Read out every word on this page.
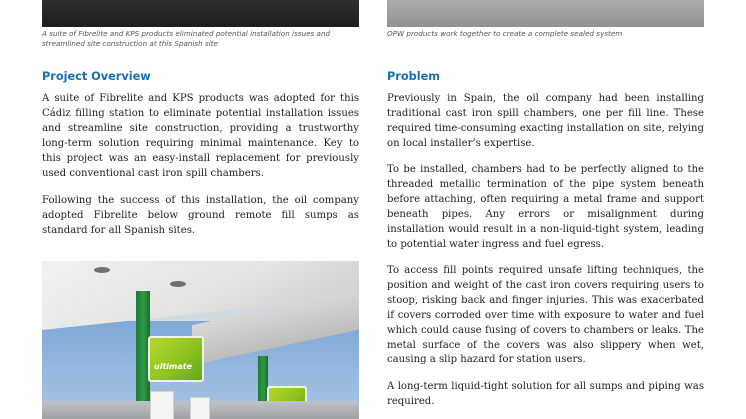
A suite of Fibrelite and KPS products eliminated potential installation issues and streamlined site construction at this Spanish site

Project Overview

A suite of Fibrelite and KPS products was adopted for this Cádiz filling station to eliminate potential installation issues and streamline site construction, providing a trustworthy long-term solution requiring minimal maintenance. Key to this project was an easy-install replacement for previously used conventional cast iron spill chambers.

Following the success of this installation, the oil company adopted Fibrelite below ground remote fill sumps as standard for all Spanish sites.

ultimate

OPW products work together to create a complete sealed system

Problem

Previously in Spain, the oil company had been installing traditional cast iron spill chambers, one per fill line. These required time-consuming exacting installation on site, relying on local installer’s expertise.

To be installed, chambers had to be perfectly aligned to the threaded metallic termination of the pipe system beneath before attaching, often requiring a metal frame and support beneath pipes. Any errors or misalignment during installation would result in a non-liquid-tight system, leading to potential water ingress and fuel egress.

To access fill points required unsafe lifting techniques, the position and weight of the cast iron covers requiring users to stoop, risking back and finger injuries. This was exacerbated if covers corroded over time with exposure to water and fuel which could cause fusing of covers to chambers or leaks. The metal surface of the covers was also slippery when wet, causing a slip hazard for station users.

A long-term liquid-tight solution for all sumps and piping was required.
